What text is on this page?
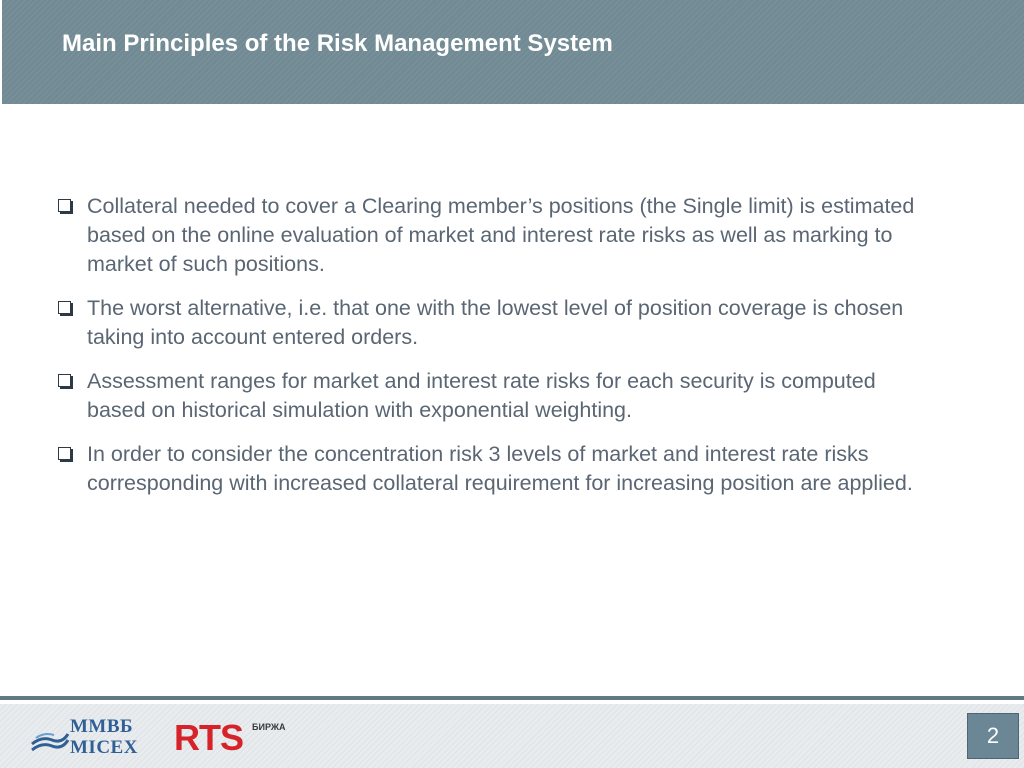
Main Principles of the Risk Management System

Collateral needed to cover a Clearing member’s positions (the Single limit) is estimated based on the online evaluation of market and interest rate risks as well as marking to market of such positions.

The worst alternative, i.e. that one with the lowest level of position coverage is chosen taking into account entered orders.

Assessment ranges for market and interest rate risks for each security is computed based on historical simulation with exponential weighting.

In order to consider the concentration risk 3 levels of market and interest rate risks corresponding with increased collateral requirement for increasing position are applied.

ММВБ
MICEX	RTS БИРЖА	2
